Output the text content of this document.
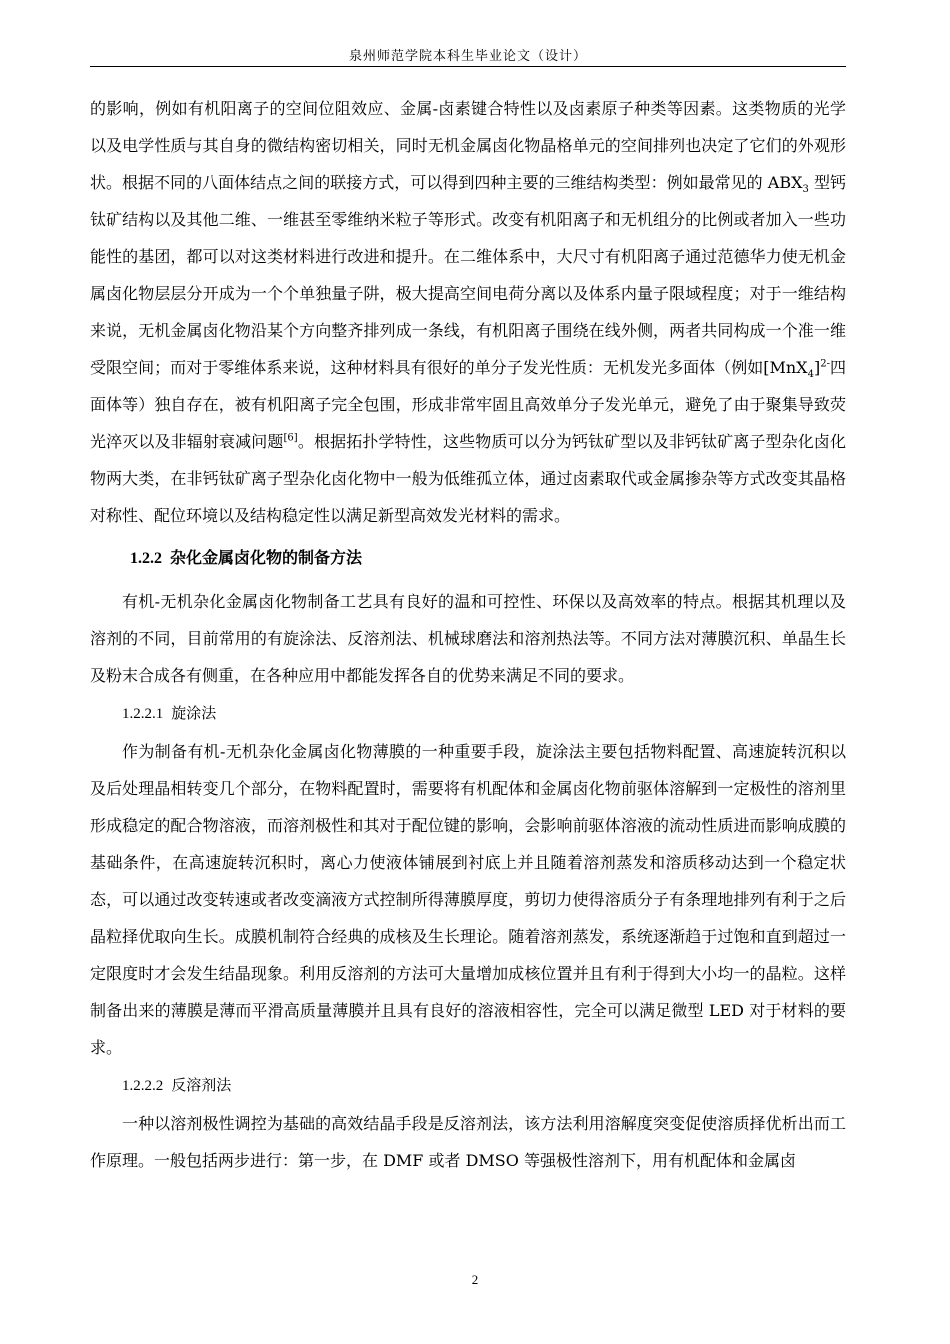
泉州师范学院本科生毕业论文（设计）

的影响，例如有机阳离子的空间位阻效应、金属-卤素键合特性以及卤素原子种类等因素。这类物质的光学以及电学性质与其自身的微结构密切相关，同时无机金属卤化物晶格单元的空间排列也决定了它们的外观形状。根据不同的八面体结点之间的联接方式，可以得到四种主要的三维结构类型：例如最常见的 $ABX_3$ 型钙钛矿结构以及其他二维、一维甚至零维纳米粒子等形式。改变有机阳离子和无机组分的比例或者加入一些功能性的基团，都可以对这类材料进行改进和提升。在二维体系中，大尺寸有机阳离子通过范德华力使无机金属卤化物层层分开成为一个个单独量子阱，极大提高空间电荷分离以及体系内量子限域程度；对于一维结构来说，无机金属卤化物沿某个方向整齐排列成一条线，有机阳离子围绕在线外侧，两者共同构成一个准一维受限空间；而对于零维体系来说，这种材料具有很好的单分子发光性质：无机发光多面体（例如$[MnX_4]^{2-}$四面体等）独自存在，被有机阳离子完全包围，形成非常牢固且高效单分子发光单元，避免了由于聚集导致荧光淬灭以及非辐射衰减问题[6]。根据拓扑学特性，这些物质可以分为钙钛矿型以及非钙钛矿离子型杂化卤化物两大类，在非钙钛矿离子型杂化卤化物中一般为低维孤立体，通过卤素取代或金属掺杂等方式改变其晶格对称性、配位环境以及结构稳定性以满足新型高效发光材料的需求。

1.2.2 杂化金属卤化物的制备方法

有机-无机杂化金属卤化物制备工艺具有良好的温和可控性、环保以及高效率的特点。根据其机理以及溶剂的不同，目前常用的有旋涂法、反溶剂法、机械球磨法和溶剂热法等。不同方法对薄膜沉积、单晶生长及粉末合成各有侧重，在各种应用中都能发挥各自的优势来满足不同的要求。

1.2.2.1 旋涂法

作为制备有机-无机杂化金属卤化物薄膜的一种重要手段，旋涂法主要包括物料配置、高速旋转沉积以及后处理晶相转变几个部分，在物料配置时，需要将有机配体和金属卤化物前驱体溶解到一定极性的溶剂里形成稳定的配合物溶液，而溶剂极性和其对于配位键的影响，会影响前驱体溶液的流动性质进而影响成膜的基础条件，在高速旋转沉积时，离心力使液体铺展到衬底上并且随着溶剂蒸发和溶质移动达到一个稳定状态，可以通过改变转速或者改变滴液方式控制所得薄膜厚度，剪切力使得溶质分子有条理地排列有利于之后晶粒择优取向生长。成膜机制符合经典的成核及生长理论。随着溶剂蒸发，系统逐渐趋于过饱和直到超过一定限度时才会发生结晶现象。利用反溶剂的方法可大量增加成核位置并且有利于得到大小均一的晶粒。这样制备出来的薄膜是薄而平滑高质量薄膜并且具有良好的溶液相容性，完全可以满足微型 LED 对于材料的要求。

1.2.2.2 反溶剂法

一种以溶剂极性调控为基础的高效结晶手段是反溶剂法，该方法利用溶解度突变促使溶质择优析出而工作原理。一般包括两步进行：第一步，在 DMF 或者 DMSO 等强极性溶剂下，用有机配体和金属卤

2
